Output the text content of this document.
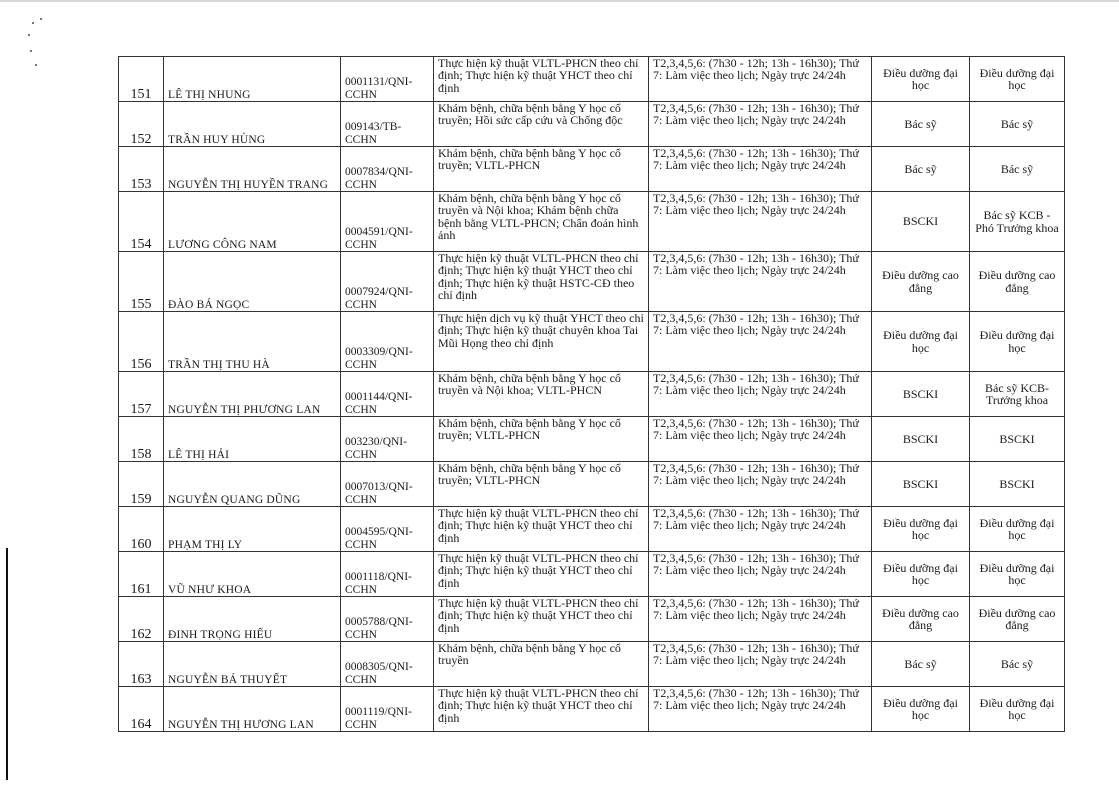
151	LÊ THỊ NHUNG	0001131/QNI-CCHN	Thực hiện kỹ thuật VLTL-PHCN theo chỉ định; Thực hiện kỹ thuật YHCT theo chỉ định	T2,3,4,5,6: (7h30 - 12h; 13h - 16h30); Thứ 7: Làm việc theo lịch; Ngày trực 24/24h	Điều dưỡng đại học	Điều dưỡng đại học
152	TRẦN HUY HÙNG	009143/TB-CCHN	Khám bệnh, chữa bệnh bằng Y học cổ truyền; Hồi sức cấp cứu và Chống độc	T2,3,4,5,6: (7h30 - 12h; 13h - 16h30); Thứ 7: Làm việc theo lịch; Ngày trực 24/24h	Bác sỹ	Bác sỹ
153	NGUYỄN THỊ HUYỀN TRANG	0007834/QNI-CCHN	Khám bệnh, chữa bệnh bằng Y học cổ truyền; VLTL-PHCN	T2,3,4,5,6: (7h30 - 12h; 13h - 16h30); Thứ 7: Làm việc theo lịch; Ngày trực 24/24h	Bác sỹ	Bác sỹ
154	LƯƠNG CÔNG NAM	0004591/QNI-CCHN	Khám bệnh, chữa bệnh bằng Y học cổ truyền và Nội khoa; Khám bệnh chữa bệnh bằng VLTL-PHCN; Chẩn đoán hình ảnh	T2,3,4,5,6: (7h30 - 12h; 13h - 16h30); Thứ 7: Làm việc theo lịch; Ngày trực 24/24h	BSCKI	Bác sỹ KCB - Phó Trưởng khoa
155	ĐÀO BÁ NGỌC	0007924/QNI-CCHN	Thực hiện kỹ thuật VLTL-PHCN theo chỉ định; Thực hiện kỹ thuật YHCT theo chỉ định; Thực hiện kỹ thuật HSTC-CĐ theo chỉ định	T2,3,4,5,6: (7h30 - 12h; 13h - 16h30); Thứ 7: Làm việc theo lịch; Ngày trực 24/24h	Điều dưỡng cao đẳng	Điều dưỡng cao đẳng
156	TRẦN THỊ THU HÀ	0003309/QNI-CCHN	Thực hiện dịch vụ kỹ thuật YHCT theo chỉ định; Thực hiện kỹ thuật chuyên khoa Tai Mũi Họng theo chỉ định	T2,3,4,5,6: (7h30 - 12h; 13h - 16h30); Thứ 7: Làm việc theo lịch; Ngày trực 24/24h	Điều dưỡng đại học	Điều dưỡng đại học
157	NGUYỄN THỊ PHƯƠNG LAN	0001144/QNI-CCHN	Khám bệnh, chữa bệnh bằng Y học cổ truyền và Nội khoa; VLTL-PHCN	T2,3,4,5,6: (7h30 - 12h; 13h - 16h30); Thứ 7: Làm việc theo lịch; Ngày trực 24/24h	BSCKI	Bác sỹ KCB- Trưởng khoa
158	LÊ THỊ HẢI	003230/QNI-CCHN	Khám bệnh, chữa bệnh bằng Y học cổ truyền; VLTL-PHCN	T2,3,4,5,6: (7h30 - 12h; 13h - 16h30); Thứ 7: Làm việc theo lịch; Ngày trực 24/24h	BSCKI	BSCKI
159	NGUYỄN QUANG DŨNG	0007013/QNI-CCHN	Khám bệnh, chữa bệnh bằng Y học cổ truyền; VLTL-PHCN	T2,3,4,5,6: (7h30 - 12h; 13h - 16h30); Thứ 7: Làm việc theo lịch; Ngày trực 24/24h	BSCKI	BSCKI
160	PHẠM THỊ LY	0004595/QNI-CCHN	Thực hiện kỹ thuật VLTL-PHCN theo chỉ định; Thực hiện kỹ thuật YHCT theo chỉ định	T2,3,4,5,6: (7h30 - 12h; 13h - 16h30); Thứ 7: Làm việc theo lịch; Ngày trực 24/24h	Điều dưỡng đại học	Điều dưỡng đại học
161	VŨ NHƯ KHOA	0001118/QNI-CCHN	Thực hiện kỹ thuật VLTL-PHCN theo chỉ định; Thực hiện kỹ thuật YHCT theo chỉ định	T2,3,4,5,6: (7h30 - 12h; 13h - 16h30); Thứ 7: Làm việc theo lịch; Ngày trực 24/24h	Điều dưỡng đại học	Điều dưỡng đại học
162	ĐINH TRỌNG HIẾU	0005788/QNI-CCHN	Thực hiện kỹ thuật VLTL-PHCN theo chỉ định; Thực hiện kỹ thuật YHCT theo chỉ định	T2,3,4,5,6: (7h30 - 12h; 13h - 16h30); Thứ 7: Làm việc theo lịch; Ngày trực 24/24h	Điều dưỡng cao đẳng	Điều dưỡng cao đẳng
163	NGUYỄN BÁ THUYẾT	0008305/QNI-CCHN	Khám bệnh, chữa bệnh bằng Y học cổ truyền	T2,3,4,5,6: (7h30 - 12h; 13h - 16h30); Thứ 7: Làm việc theo lịch; Ngày trực 24/24h	Bác sỹ	Bác sỹ
164	NGUYỄN THỊ HƯƠNG LAN	0001119/QNI-CCHN	Thực hiện kỹ thuật VLTL-PHCN theo chỉ định; Thực hiện kỹ thuật YHCT theo chỉ định	T2,3,4,5,6: (7h30 - 12h; 13h - 16h30); Thứ 7: Làm việc theo lịch; Ngày trực 24/24h	Điều dưỡng đại học	Điều dưỡng đại học
